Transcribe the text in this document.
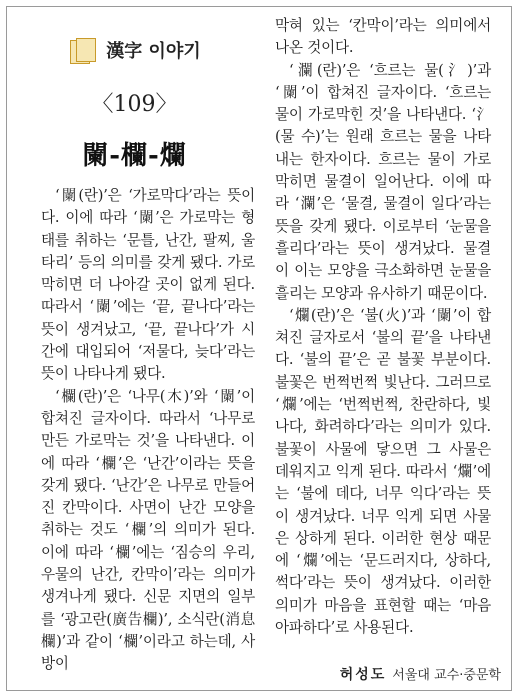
漢字 이야기
〈109〉
闌-欄-爛

‘闌(란)’은 ‘가로막다’라는 뜻이다. 이에 따라 ‘闌’은 가로막는 형태를 취하는 ‘문틀, 난간, 팔찌, 울타리’ 등의 의미를 갖게 됐다. 가로막히면 더 나아갈 곳이 없게 된다. 따라서 ‘闌’에는 ‘끝, 끝나다’라는 뜻이 생겨났고, ‘끝, 끝나다’가 시간에 대입되어 ‘저물다, 늦다’라는 뜻이 나타나게 됐다.

‘欄(란)’은 ‘나무(木)’와 ‘闌’이 합쳐진 글자이다. 따라서 ‘나무로 만든 가로막는 것’을 나타낸다. 이에 따라 ‘欄’은 ‘난간’이라는 뜻을 갖게 됐다. ‘난간’은 나무로 만들어진 칸막이다. 사면이 난간 모양을 취하는 것도 ‘欄’의 의미가 된다. 이에 따라 ‘欄’에는 ‘짐승의 우리, 우물의 난간, 칸막이’라는 의미가 생겨나게 됐다. 신문 지면의 일부를 ‘광고란(廣告欄)’, 소식란(消息欄)’과 같이 ‘欄’이라고 하는데, 사방이

막혀 있는 ‘칸막이’라는 의미에서 나온 것이다.

‘瀾(란)’은 ‘흐르는 물(氵)’과 ‘闌’이 합쳐진 글자이다. ‘흐르는 물이 가로막힌 것’을 나타낸다. ‘氵(물 수)’는 원래 흐르는 물을 나타내는 한자이다. 흐르는 물이 가로막히면 물결이 일어난다. 이에 따라 ‘瀾’은 ‘물결, 물결이 일다’라는 뜻을 갖게 됐다. 이로부터 ‘눈물을 흘리다’라는 뜻이 생겨났다. 물결이 이는 모양을 극소화하면 눈물을 흘리는 모양과 유사하기 때문이다.

‘爛(란)’은 ‘불(火)’과 ‘闌’이 합쳐진 글자로서 ‘불의 끝’을 나타낸다. ‘불의 끝’은 곧 불꽃 부분이다. 불꽃은 번쩍번쩍 빛난다. 그러므로 ‘爛’에는 ‘번쩍번쩍, 찬란하다, 빛나다, 화려하다’라는 의미가 있다. 불꽃이 사물에 닿으면 그 사물은 데워지고 익게 된다. 따라서 ‘爛’에는 ‘불에 데다, 너무 익다’라는 뜻이 생겨났다. 너무 익게 되면 사물은 상하게 된다. 이러한 현상 때문에 ‘爛’에는 ‘문드러지다, 상하다, 썩다’라는 뜻이 생겨났다. 이러한 의미가 마음을 표현할 때는 ‘마음 아파하다’로 사용된다.

허성도 서울대 교수·중문학
